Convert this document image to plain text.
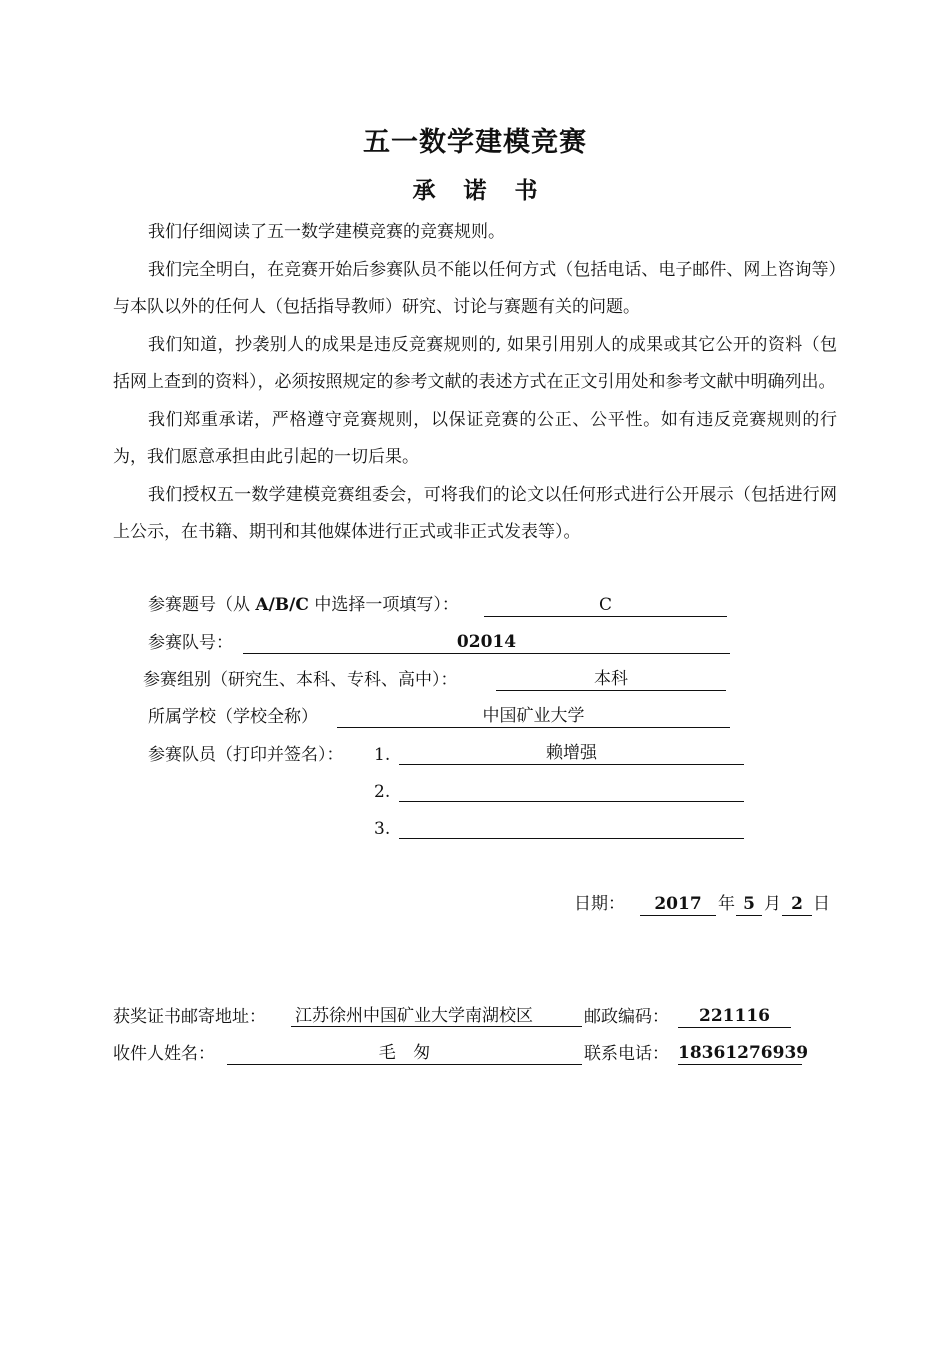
五一数学建模竞赛
承诺书

我们仔细阅读了五一数学建模竞赛的竞赛规则。

我们完全明白，在竞赛开始后参赛队员不能以任何方式（包括电话、电子邮件、网上咨询等）与本队以外的任何人（包括指导教师）研究、讨论与赛题有关的问题。

我们知道，抄袭别人的成果是违反竞赛规则的, 如果引用别人的成果或其它公开的资料（包括网上查到的资料），必须按照规定的参考文献的表述方式在正文引用处和参考文献中明确列出。

我们郑重承诺，严格遵守竞赛规则，以保证竞赛的公正、公平性。如有违反竞赛规则的行为，我们愿意承担由此引起的一切后果。

我们授权五一数学建模竞赛组委会，可将我们的论文以任何形式进行公开展示（包括进行网上公示，在书籍、期刊和其他媒体进行正式或非正式发表等）。

参赛题号（从 A/B/C 中选择一项填写）：	C
参赛队号：	02014
参赛组别（研究生、本科、专科、高中）：	本科
所属学校（学校全称）	中国矿业大学
参赛队员（打印并签名）： 1.	赖增强
2.
3.
日期：	2017 年 5 月 2 日
获奖证书邮寄地址： 江苏徐州中国矿业大学南湖校区	邮政编码：	221116
收件人姓名：	毛 匆	联系电话： 18361276939
